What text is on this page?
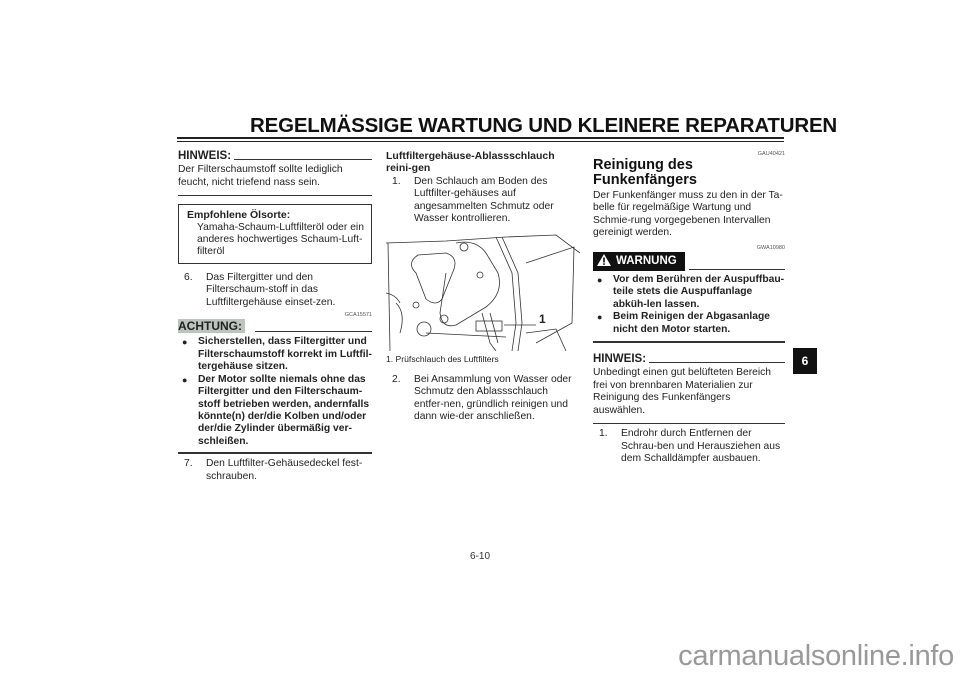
REGELMÄSSIGE WARTUNG UND KLEINERE REPARATUREN
HINWEIS:
Der Filterschaumstoff sollte lediglich feucht, nicht triefend nass sein.
Empfohlene Ölsorte:
Yamaha-Schaum-Luftfilteröl oder ein anderes hochwertiges Schaum-Luft-filteröl
6.	Das Filtergitter und den Filterschaum-stoff in das Luftfiltergehäuse einset-zen.
GCA15571
ACHTUNG:
●	Sicherstellen, dass Filtergitter und Filterschaumstoff korrekt im Luftfil-tergehäuse sitzen.
●	Der Motor sollte niemals ohne das Filtergitter und den Filterschaum-stoff betrieben werden, andernfalls könnte(n) der/die Kolben und/oder der/die Zylinder übermäßig ver-schleißen.
7.	Den Luftfilter-Gehäusedeckel fest-schrauben.
Luftfiltergehäuse-Ablassschlauch reini-gen
1.	Den Schlauch am Boden des Luftfilter-gehäuses auf angesammelten Schmutz oder Wasser kontrollieren.
1
1. Prüfschlauch des Luftfilters
2.	Bei Ansammlung von Wasser oder Schmutz den Ablassschlauch entfer-nen, gründlich reinigen und dann wie-der anschließen.
GAU40421
Reinigung des Funkenfängers
Der Funkenfänger muss zu den in der Ta-belle für regelmäßige Wartung und Schmie-rung vorgegebenen Intervallen gereinigt werden.
GWA10980
WARNUNG
●	Vor dem Berühren der Auspuffbau-teile stets die Auspuffanlage abküh-len lassen.
●	Beim Reinigen der Abgasanlage nicht den Motor starten.
HINWEIS:
Unbedingt einen gut belüfteten Bereich frei von brennbaren Materialien zur Reinigung des Funkenfängers auswählen.
1.	Endrohr durch Entfernen der Schrau-ben und Herausziehen aus dem Schalldämpfer ausbauen.
6
6-10
carmanualsonline.info
